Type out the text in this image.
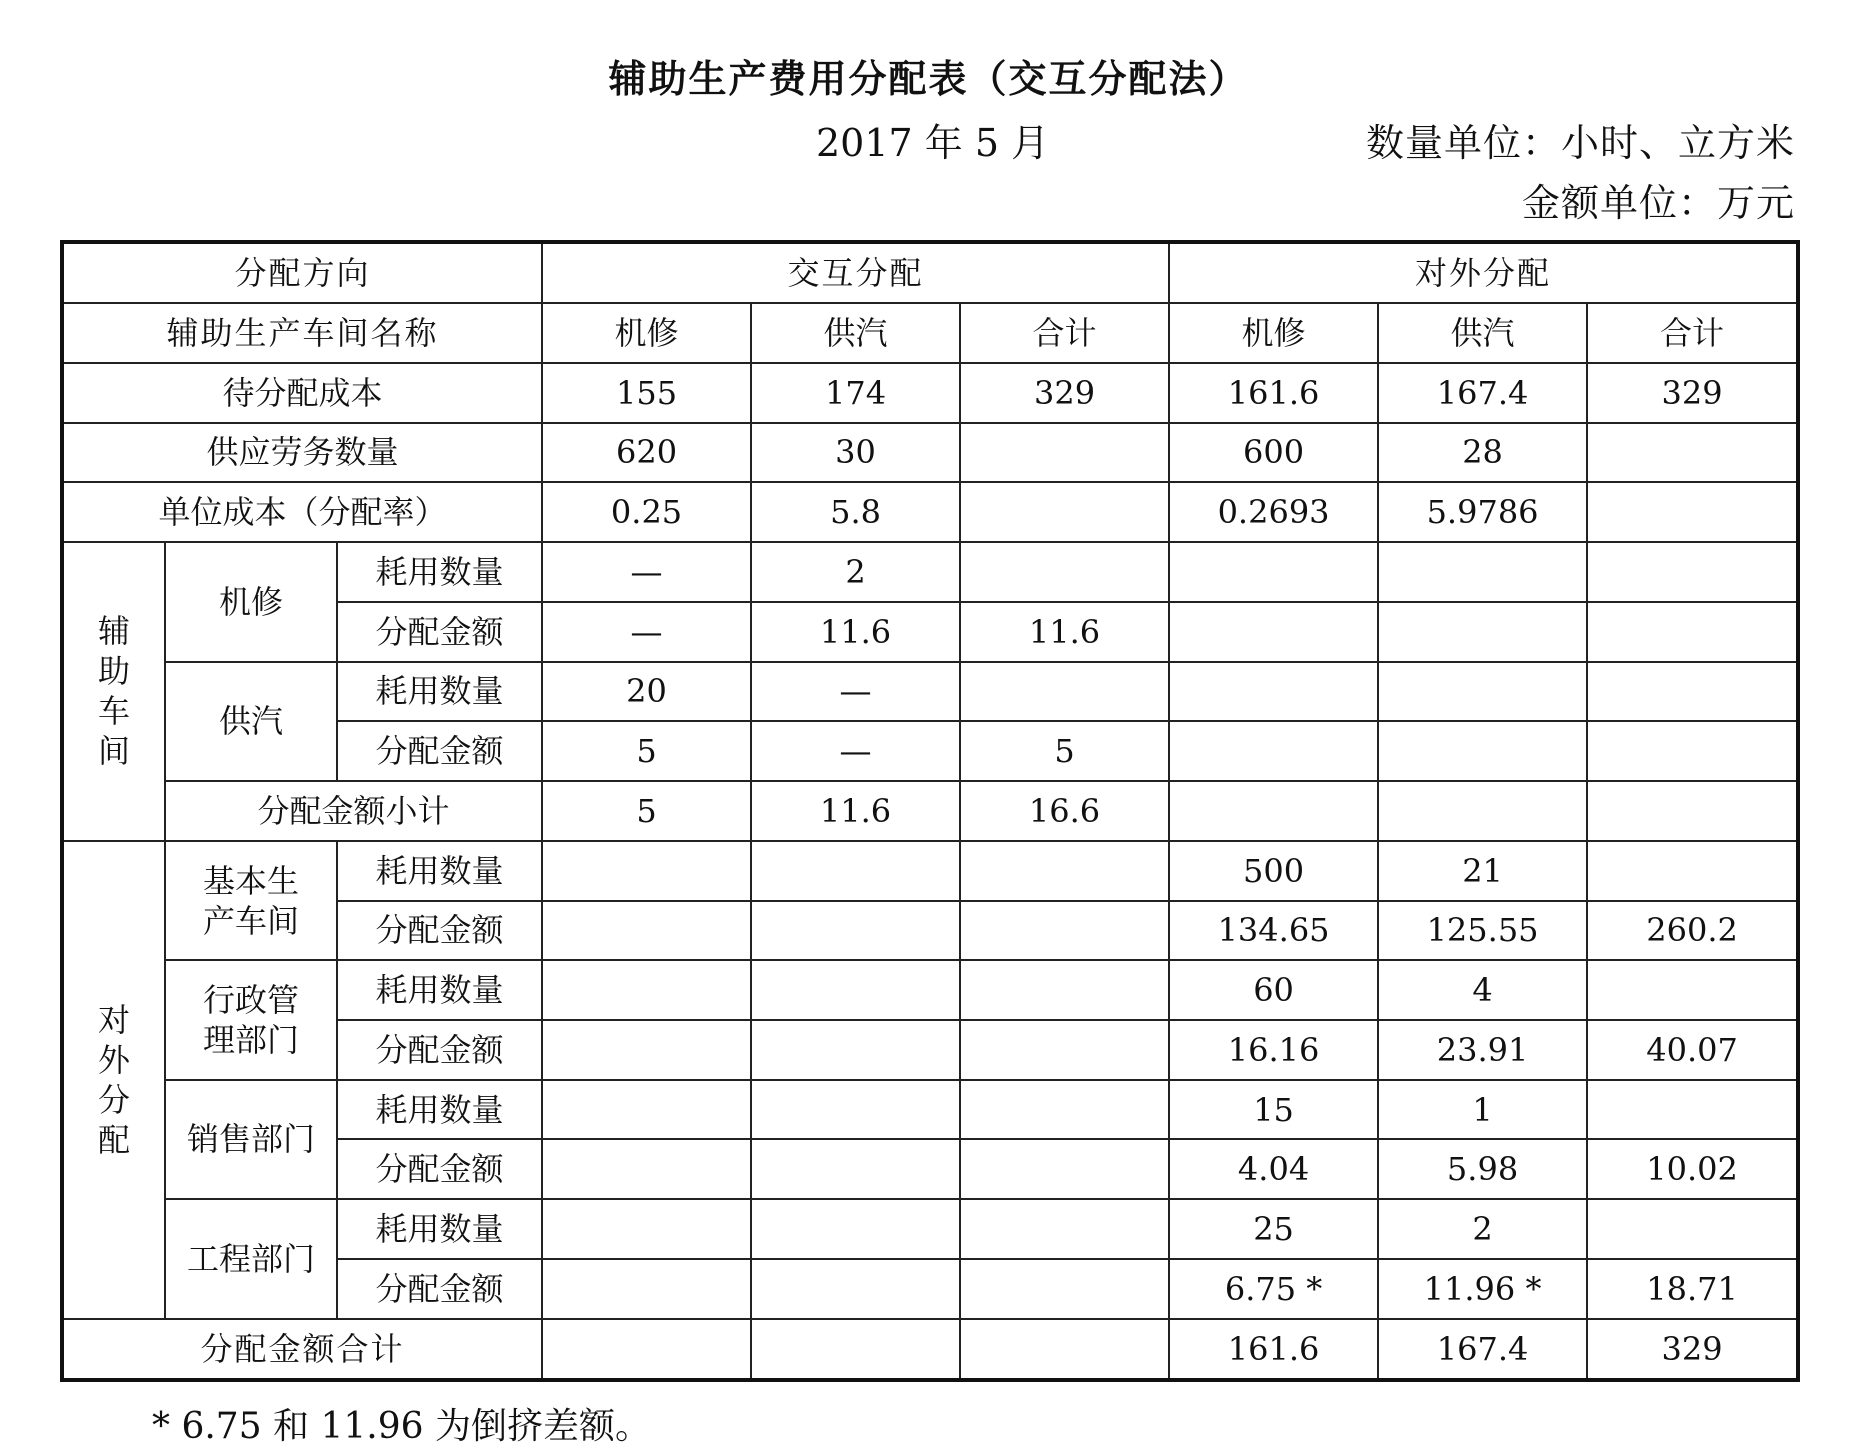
辅助生产费用分配表（交互分配法）
2017 年 5 月	数量单位：小时、立方米
金额单位：万元
分配方向			交互分配			对外分配		
辅助生产车间名称			机修	供汽	合计	机修	供汽	合计
待分配成本			155	174	329	161.6	167.4	329
供应劳务数量			620	30		600	28	
单位成本（分配率）			0.25	5.8		0.2693	5.9786	
辅助车间	机修	耗用数量	—	2				
		分配金额	—	11.6	11.6			
	供汽	耗用数量	20	—				
		分配金额	5	—	5			
	分配金额小计		5	11.6	16.6			
对外分配	基本生
产车间	耗用数量				500	21	
		分配金额				134.65	125.55	260.2
	行政管
理部门	耗用数量				60	4	
		分配金额				16.16	23.91	40.07
	销售部门	耗用数量				15	1	
		分配金额				4.04	5.98	10.02
	工程部门	耗用数量				25	2	
		分配金额				6.75 *	11.96 *	18.71
分配金额合计						161.6	167.4	329
* 6.75 和 11.96 为倒挤差额。
